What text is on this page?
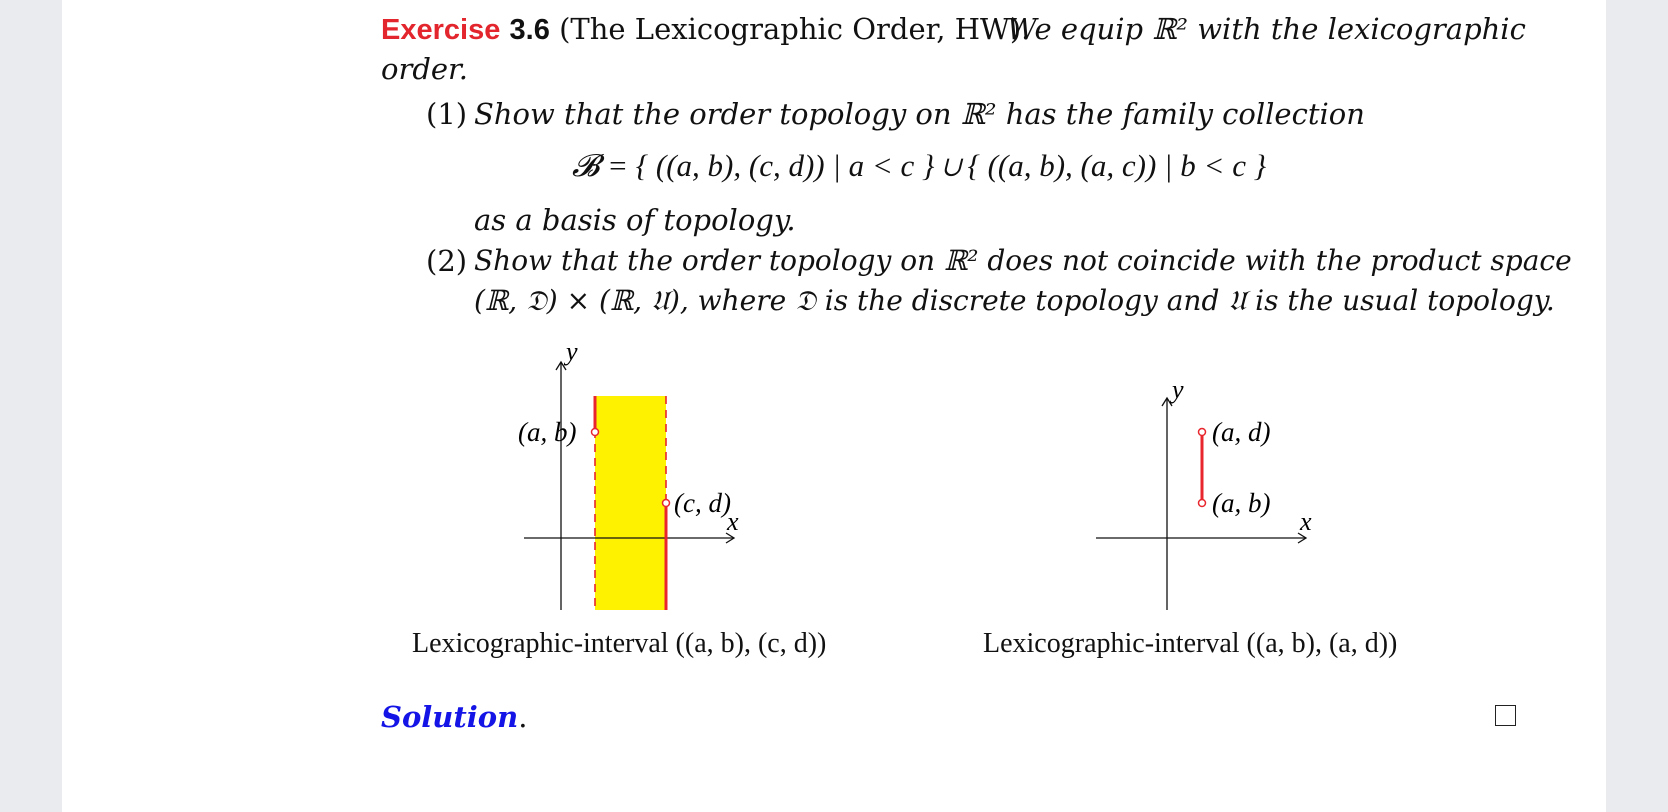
Exercise 3.6 (The Lexicographic Order, HW).
We equip ℝ² with the lexicographic
order.
(1) Show that the order topology on ℝ² has the family collection
𝓑 = { ((a, b), (c, d)) | a < c } ∪ { ((a, b), (a, c)) | b < c }
as a basis of topology.
(2) Show that the order topology on ℝ² does not coincide with the product space
(ℝ, 𝔇) × (ℝ, 𝔘), where 𝔇 is the discrete topology and 𝔘 is the usual topology.
y
x
(a, b)
(c, d)
Lexicographic-interval ((a, b), (c, d))
y
x
(a, d)
(a, b)
Lexicographic-interval ((a, b), (a, d))
Solution.
